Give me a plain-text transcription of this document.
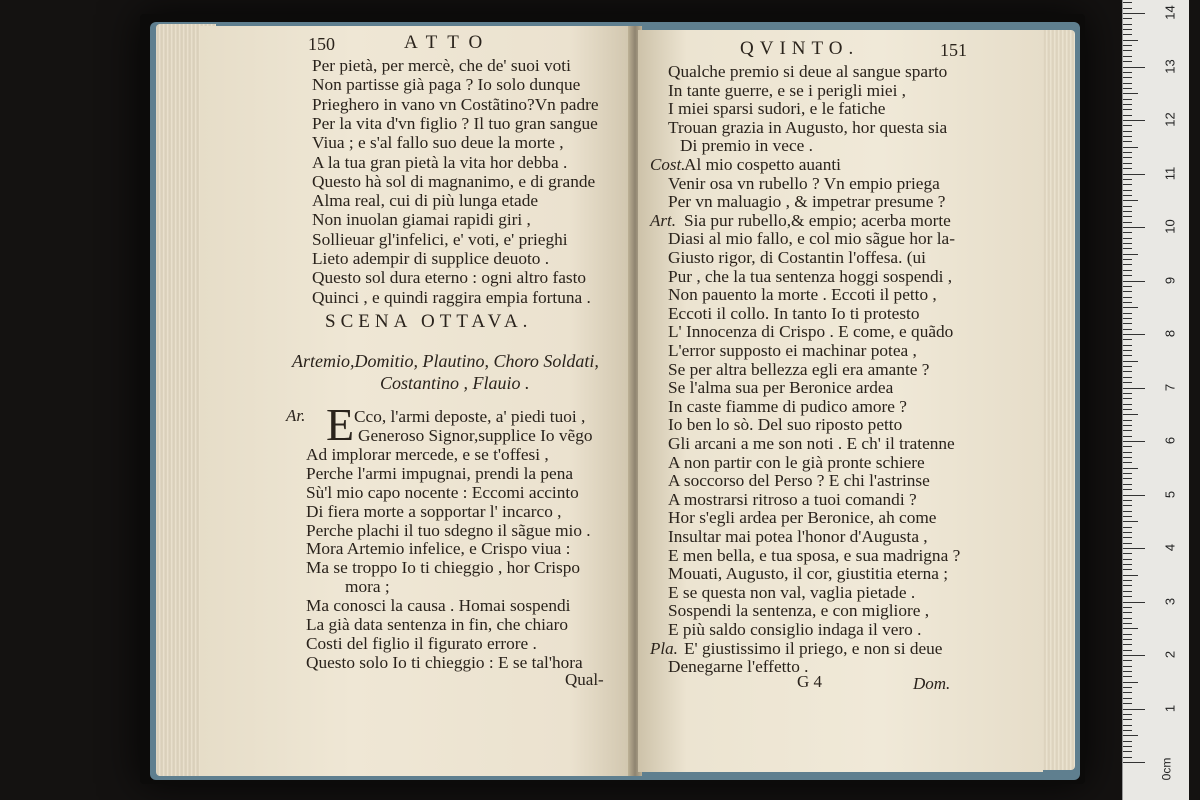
150	ATTO
Per pietà, per mercè, che de' suoi voti
Non partisse già paga ? Io solo dunque
Prieghero in vano vn Costãtino?Vn padre
Per la vita d'vn figlio ? Il tuo gran sangue
Viua ; e s'al fallo suo deue la morte ,
A la tua gran pietà la vita hor debba .
Questo hà sol di magnanimo, e di grande
Alma real, cui di più lunga etade
Non inuolan giamai rapidi giri ,
Sollieuar gl'infelici, e' voti, e' prieghi
Lieto adempir di supplice deuoto .
Questo sol dura eterno : ogni altro fasto
Quinci , e quindi raggira empia fortuna .
SCENA OTTAVA.
Artemio,Domitio, Plautino, Choro Soldati,
Costantino , Flauio .
Ar. E Cco, l'armi deposte, a' piedi tuoi ,
Generoso Signor,supplice Io vẽgo
Ad implorar mercede, e se t'offesi ,
Perche l'armi impugnai, prendi la pena
Sù'l mio capo nocente : Eccomi accinto
Di fiera morte a sopportar l' incarco ,
Perche plachi il tuo sdegno il sãgue mio .
Mora Artemio infelice, e Crispo viua :
Ma se troppo Io ti chieggio , hor Crispo
mora ;
Ma conosci la causa . Homai sospendi
La già data sentenza in fin, che chiaro
Costi del figlio il figurato errore .
Questo solo Io ti chieggio : E se tal'hora
Qual-
QVINTO.	151
Qualche premio si deue al sangue sparto
In tante guerre, e se i perigli miei ,
I miei sparsi sudori, e le fatiche
Trouan grazia in Augusto, hor questa sia
Di premio in vece .
Cost.
Al mio cospetto auanti
Venir osa vn rubello ? Vn empio priega
Per vn maluagio , & impetrar presume ?
Art. Sia pur rubello,& empio; acerba morte
Diasi al mio fallo, e col mio sãgue hor la-
Giusto rigor, di Costantin l'offesa. (ui
Pur , che la tua sentenza hoggi sospendi ,
Non pauento la morte . Eccoti il petto ,
Eccoti il collo. In tanto Io ti protesto
L' Innocenza di Crispo . E come, e quãdo
L'error supposto ei machinar potea ,
Se per altra bellezza egli era amante ?
Se l'alma sua per Beronice ardea
In caste fiamme di pudico amore ?
Io ben lo sò. Del suo riposto petto
Gli arcani a me son noti . E ch' il tratenne
A non partir con le già pronte schiere
A soccorso del Perso ? E chi l'astrinse
A mostrarsi ritroso a tuoi comandi ?
Hor s'egli ardea per Beronice, ah come
Insultar mai potea l'honor d'Augusta ,
E men bella, e tua sposa, e sua madrigna ?
Mouati, Augusto, il cor, giustitia eterna ;
E se questa non val, vaglia pietade .
Sospendi la sentenza, e con migliore ,
E più saldo consiglio indaga il vero .
Pla. E' giustissimo il priego, e non si deue
Denegarne l'effetto .
G 4	Dom.
1
2
3
4
5
6
7
8
9
10
11
12
13
14
0cm
